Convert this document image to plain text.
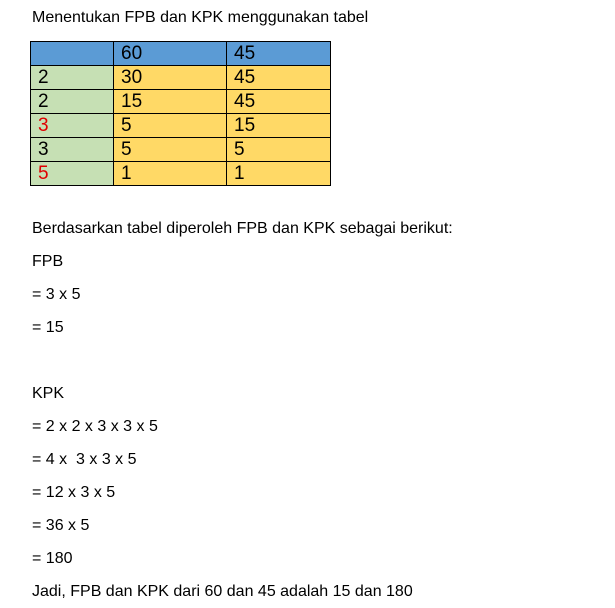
Menentukan FPB dan KPK menggunakan tabel
	60	45
2	30	45
2	15	45
3	5	15
3	5	5
5	1	1
Berdasarkan tabel diperoleh FPB dan KPK sebagai berikut:
FPB
= 3 x 5
= 15
KPK
= 2 x 2 x 3 x 3 x 5
= 4 x  3 x 3 x 5
= 12 x 3 x 5
= 36 x 5
= 180
Jadi, FPB dan KPK dari 60 dan 45 adalah 15 dan 180
